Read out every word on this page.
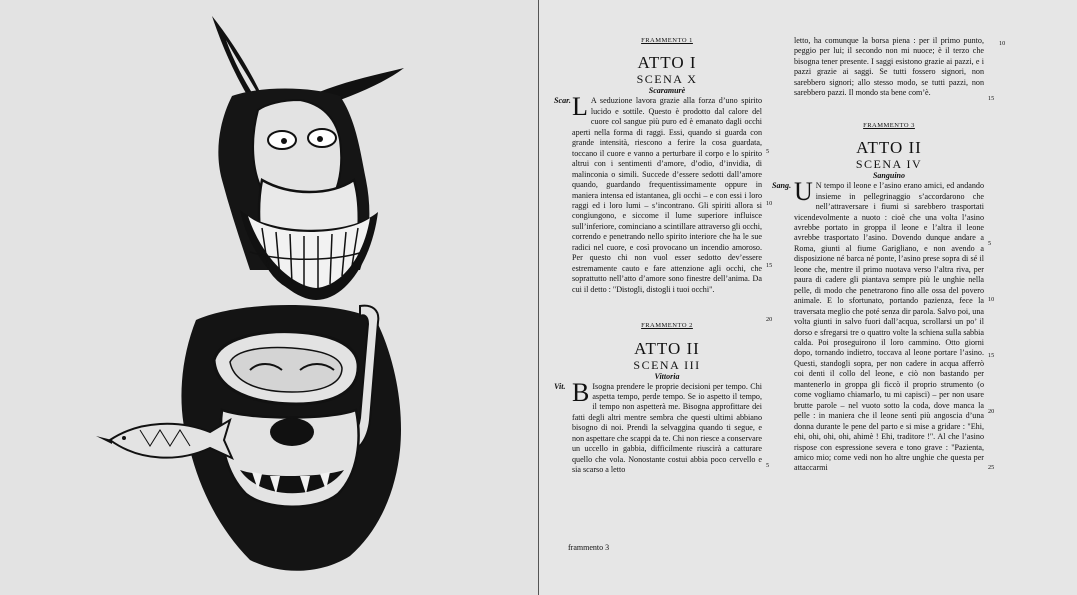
FRAMMENTO 1

ATTO I

SCENA X

Scaramurè

Scar. L A seduzione lavora grazie alla forza d’uno spirito lucido e sottile. Questo è prodotto dal calore del cuore col sangue più puro ed è emanato dagli occhi aperti nella forma di raggi. Essi, quando si guarda con grande intensità, riescono a ferire la cosa guardata, toccano il cuore e vanno a perturbare il corpo e lo spirito altrui con i sentimenti d’amore, d’odio, d’invidia, di malinconia o simili. Succede d’essere sedotti dall’amore quando, guardando frequentissimamente oppure in maniera intensa ed istantanea, gli occhi – e con essi i loro raggi ed i loro lumi – s’incontrano. Gli spiriti allora si congiungono, e siccome il lume superiore influisce sull’inferiore, cominciano a scintillare attraverso gli occhi, correndo e penetrando nello spirito interiore che ha le sue radici nel cuore, e così provocano un incendio amoroso. Per questo chi non vuol esser sedotto dev’essere estremamente cauto e fare attenzione agli occhi, che soprattutto nell’atto d’amore sono finestre dell’anima. Da cui il detto : "Distogli, distogli i tuoi occhi".

FRAMMENTO 2

ATTO II

SCENA III

Vittoria

Vit. B Isogna prendere le proprie decisioni per tempo. Chi aspetta tempo, perde tempo. Se io aspetto il tempo, il tempo non aspetterà me. Bisogna approfittare dei fatti degli altri mentre sembra che questi ultimi abbiano bisogno di noi. Prendi la selvaggina quando ti segue, e non aspettare che scappi da te. Chi non riesce a conservare un uccello in gabbia, difficilmente riuscirà a catturare quello che vola. Nonostante costui abbia poco cervello e sia scarso a letto

5
10
15
20
5

letto, ha comunque la borsa piena : per il primo punto, peggio per lui; il secondo non mi nuoce; è il terzo che bisogna tener presente. I saggi esistono grazie ai pazzi, e i pazzi grazie ai saggi. Se tutti fossero signori, non sarebbero signori; allo stesso modo, se tutti pazzi, non sarebbero pazzi. Il mondo sta bene com’è.

FRAMMENTO 3

ATTO II

SCENA IV

Sanguino

Sang. U N tempo il leone e l’asino erano amici, ed andando insieme in pellegrinaggio s’accordarono che nell’attraversare i fiumi si sarebbero trasportati vicendevolmente a nuoto : cioè che una volta l’asino avrebbe portato in groppa il leone e l’altra il leone avrebbe trasportato l’asino. Dovendo dunque andare a Roma, giunti al fiume Garigliano, e non avendo a disposizione né barca né ponte, l’asino prese sopra di sé il leone che, mentre il primo nuotava verso l’altra riva, per paura di cadere gli piantava sempre più le unghie nella pelle, di modo che penetrarono fino alle ossa del povero animale. E lo sfortunato, portando pazienza, fece la traversata meglio che poté senza dir parola. Salvo poi, una volta giunti in salvo fuori dall’acqua, scrollarsi un po’ il dorso e sfregarsi tre o quattro volte la schiena sulla sabbia calda. Poi proseguirono il loro cammino. Otto giorni dopo, tornando indietro, toccava al leone portare l’asino. Questi, standogli sopra, per non cadere in acqua afferrò coi denti il collo del leone, e ciò non bastando per mantenerlo in groppa gli ficcò il proprio strumento (o come vogliamo chiamarlo, tu mi capisci) – per non usare brutte parole – nel vuoto sotto la coda, dove manca la pelle : in maniera che il leone sentì più angoscia d’una donna durante le pene del parto e si mise a gridare : "Ehi, ehi, ohi, ohi, ohi, ahimè ! Ehi, traditore !". Al che l’asino rispose con espressione severa e tono grave : "Pazienta, amico mio; come vedi non ho altre unghie che questa per attaccarmi

10
15
5
10
15
20
25
frammento 3
